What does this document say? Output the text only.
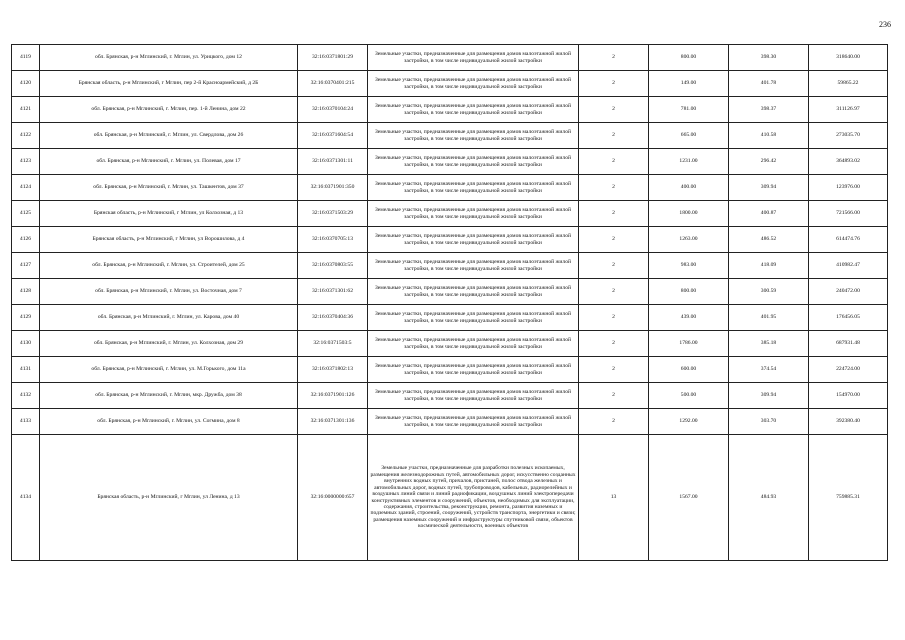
236
4119	обл. Брянская, р-н Мглинский, г. Мглин, ул. Урицкого, дом 12	32:16:0371801:29	Земельные участки, предназначенные для размещения домов малоэтажной жилой застройки, в том числе индивидуальной жилой застройки	2	800.00	398.30	318640.00
4120	Брянская область, р-н Мглинский, г Мглин, пер 2-й Красноармейский, д 2Б	32:16:0370401:215	Земельные участки, предназначенные для размещения домов малоэтажной жилой застройки, в том числе индивидуальной жилой застройки	2	149.00	401.78	59865.22
4121	обл. Брянская, р-н Мглинский, г. Мглин, пер. 1-й Ленина, дом 22	32:16:0370104:24	Земельные участки, предназначенные для размещения домов малоэтажной жилой застройки, в том числе индивидуальной жилой застройки	2	781.00	398.37	311126.97
4122	обл. Брянская, р-н Мглинский, г. Мглин, ул. Свердлова, дом 26	32:16:0371604:54	Земельные участки, предназначенные для размещения домов малоэтажной жилой застройки, в том числе индивидуальной жилой застройки	2	665.00	410.58	273035.70
4123	обл. Брянская, р-н Мглинский, г. Мглин, ул. Полевая, дом 17	32:16:0371301:11	Земельные участки, предназначенные для размещения домов малоэтажной жилой застройки, в том числе индивидуальной жилой застройки	2	1231.00	296.42	364893.02
4124	обл. Брянская, р-н Мглинский, г. Мглин, ул. Ташкентов, дом 37	32:16:0371901:350	Земельные участки, предназначенные для размещения домов малоэтажной жилой застройки, в том числе индивидуальной жилой застройки	2	400.00	309.94	123976.00
4125	Брянская область, р-н Мглинский, г Мглин, ул Колхозная, д 13	32:16:0371503:29	Земельные участки, предназначенные для размещения домов малоэтажной жилой застройки, в том числе индивидуальной жилой застройки	2	1800.00	400.87	721566.00
4126	Брянская область, р-н Мглинский, г Мглин, ул Ворошилова, д 4	32:16:0370705:13	Земельные участки, предназначенные для размещения домов малоэтажной жилой застройки, в том числе индивидуальной жилой застройки	2	1263.00	486.52	614474.76
4127	обл. Брянская, р-н Мглинский, г. Мглин, ул. Строителей, дом 25	32:16:0370803:55	Земельные участки, предназначенные для размещения домов малоэтажной жилой застройки, в том числе индивидуальной жилой застройки	2	983.00	418.09	410982.47
4128	обл. Брянская, р-н Мглинский, г. Мглин, ул. Восточная, дом 7	32:16:0371301:62	Земельные участки, предназначенные для размещения домов малоэтажной жилой застройки, в том числе индивидуальной жилой застройки	2	800.00	300.59	240472.00
4129	обл. Брянская, р-н Мглинский, г. Мглин, ул. Карова, дом 40	32:16:0370404:36	Земельные участки, предназначенные для размещения домов малоэтажной жилой застройки, в том числе индивидуальной жилой застройки	2	439.00	401.95	176456.05
4130	обл. Брянская, р-н Мглинский, г. Мглин, ул. Колхозная, дом 29	32:16:0371503:5	Земельные участки, предназначенные для размещения домов малоэтажной жилой застройки, в том числе индивидуальной жилой застройки	2	1786.00	385.18	687931.48
4131	обл. Брянская, р-н Мглинский, г. Мглин, ул. М.Горького, дом 11а	32:16:0371802:13	Земельные участки, предназначенные для размещения домов малоэтажной жилой застройки, в том числе индивидуальной жилой застройки	2	600.00	374.54	224724.00
4132	обл. Брянская, р-н Мглинский, г. Мглин, мкр. Дружба, дом 38	32:16:0371901:126	Земельные участки, предназначенные для размещения домов малоэтажной жилой застройки, в том числе индивидуальной жилой застройки	2	500.00	309.94	154970.00
4133	обл. Брянская, р-н Мглинский, г. Мглин, ул. Согмина, дом 8	32:16:0371301:136	Земельные участки, предназначенные для размещения домов малоэтажной жилой застройки, в том числе индивидуальной жилой застройки	2	1292.00	303.70	392380.40
4134	Брянская область, р-н Мглинский, г Мглин, ул Ленина, д 13	32:16:0000000:657	Земельные участки, предназначенные для разработки полезных ископаемых, размещения железнодорожных путей, автомобильных дорог, искусственно созданных внутренних водных путей, причалов, пристаней, полос отвода железных и автомобильных дорог, водных путей, трубопроводов, кабельных, радиорелейных и воздушных линий связи и линий радиофикации, воздушных линий электропередачи конструктивных элементов и сооружений, объектов, необходимых для эксплуатации, содержания, строительства, реконструкции, ремонта, развития наземных и подземных зданий, строений, сооружений, устройств транспорта, энергетики и связи; размещения наземных сооружений и инфраструктуры спутниковой связи, объектов космической деятельности, военных объектов	13	1567.00	484.93	759885.31
